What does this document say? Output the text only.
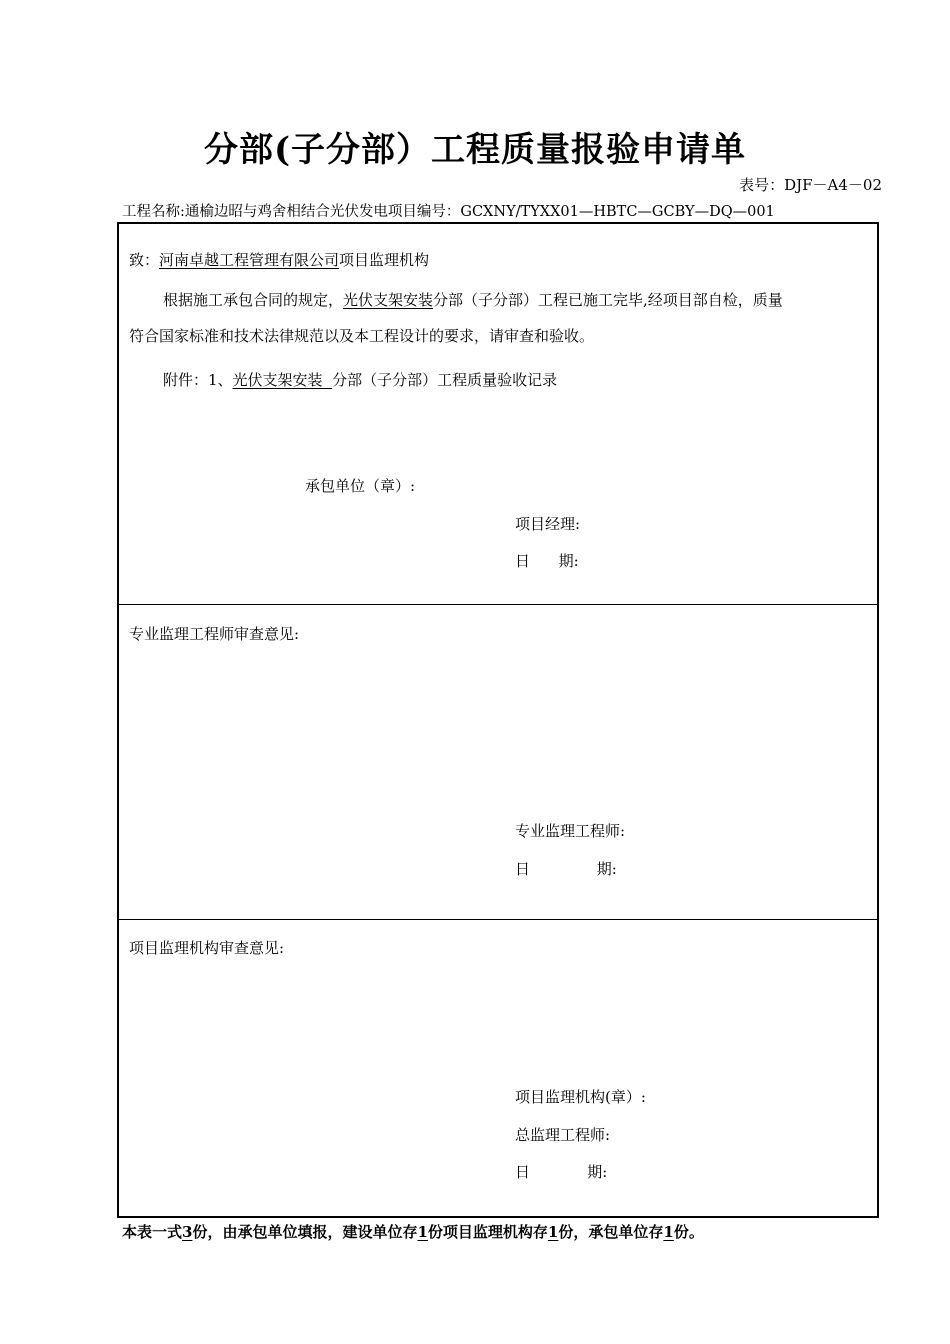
分部(子分部）工程质量报验申请单
表号：DJF－A4－02
工程名称:通榆边昭与鸡舍相结合光伏发电项目编号：GCXNY/TYXX01—HBTC—GCBY—DQ—001
致：河南卓越工程管理有限公司项目监理机构
根据施工承包合同的规定，光伏支架安装分部（子分部）工程已施工完毕,经项目部自检，质量
符合国家标准和技术法律规范以及本工程设计的要求，请审查和验收。
附件：1、光伏支架安装  分部（子分部）工程质量验收记录
承包单位（章）:
项目经理:
日      期:
专业监理工程师审查意见:
专业监理工程师:
日              期:
项目监理机构审查意见:
项目监理机构(章）:
总监理工程师:
日            期:
本表一式3份，由承包单位填报，建设单位存1份项目监理机构存1份，承包单位存1份。
